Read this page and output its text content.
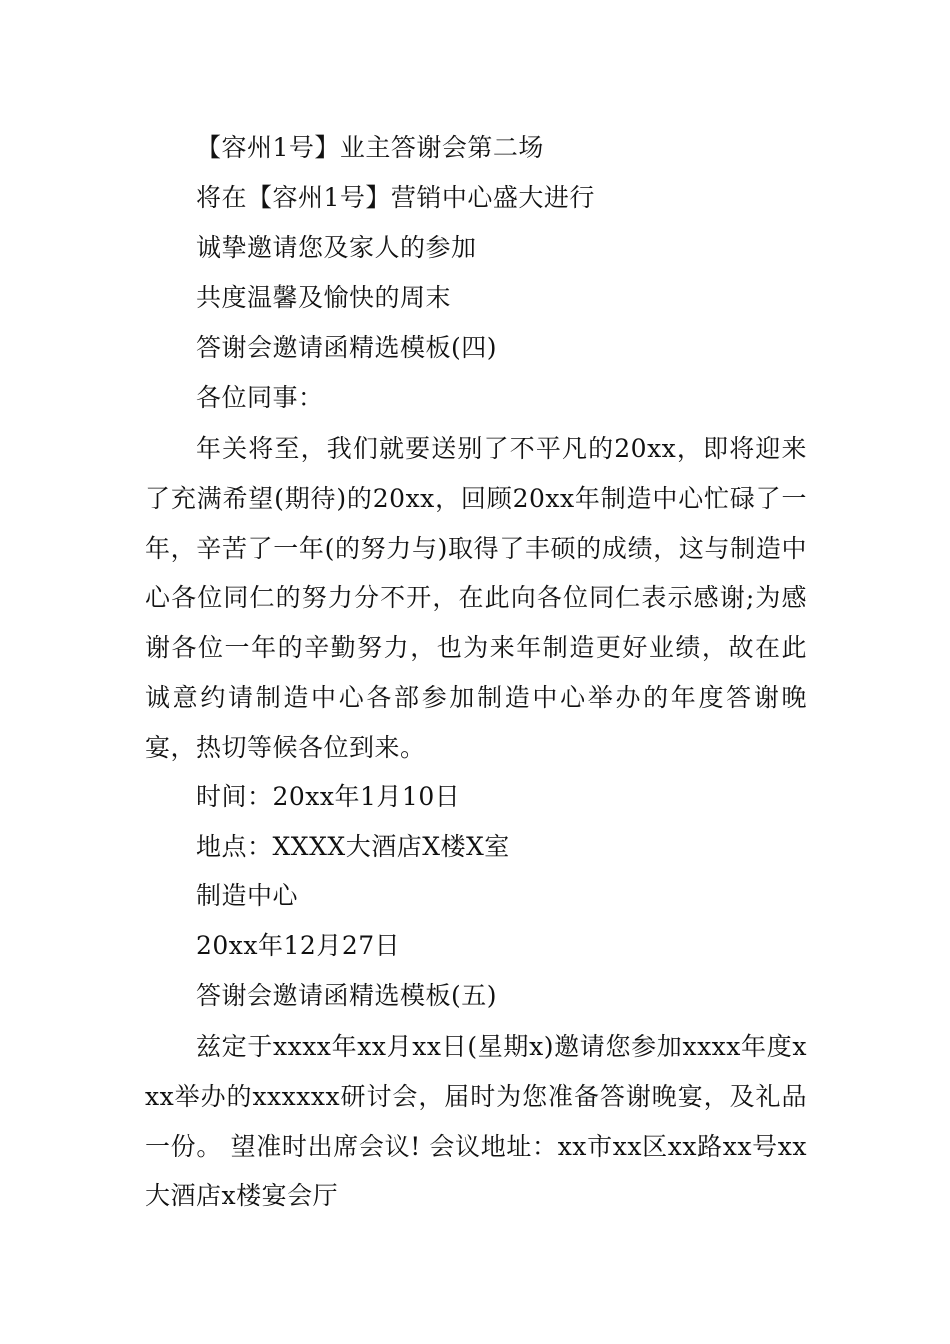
【容州1号】业主答谢会第二场
将在【容州1号】营销中心盛大进行
诚挚邀请您及家人的参加
共度温馨及愉快的周末
答谢会邀请函精选模板(四)
各位同事：
年关将至，我们就要送别了不平凡的20xx，即将迎来了充满希望(期待)的20xx，回顾20xx年制造中心忙碌了一年，辛苦了一年(的努力与)取得了丰硕的成绩，这与制造中心各位同仁的努力分不开，在此向各位同仁表示感谢;为感谢各位一年的辛勤努力，也为来年制造更好业绩，故在此诚意约请制造中心各部参加制造中心举办的年度答谢晚宴，热切等候各位到来。
时间：20xx年1月10日
地点：XXXX大酒店X楼X室
制造中心
20xx年12月27日
答谢会邀请函精选模板(五)
兹定于xxxx年xx月xx日(星期x)邀请您参加xxxx年度xxx举办的xxxxxx研讨会，届时为您准备答谢晚宴，及礼品一份。 望准时出席会议! 会议地址：xx市xx区xx路xx号xx大酒店x楼宴会厅
